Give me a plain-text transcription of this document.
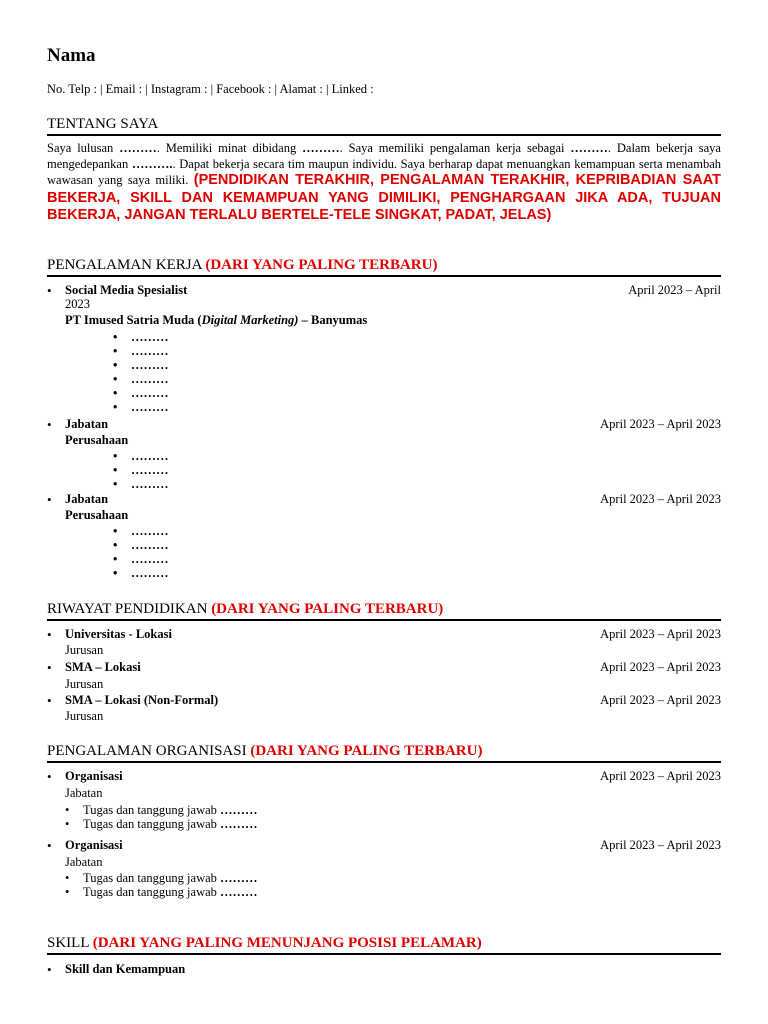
Nama
No. Telp : | Email : | Instagram : | Facebook : | Alamat : | Linked :
TENTANG SAYA
Saya lulusan ………. Memiliki minat dibidang ………. Saya memiliki pengalaman kerja sebagai ………. Dalam bekerja saya mengedepankan ……….. Dapat bekerja secara tim maupun individu. Saya berharap dapat menuangkan kemampuan serta menambah wawasan yang saya miliki. (PENDIDIKAN TERAKHIR, PENGALAMAN TERAKHIR, KEPRIBADIAN SAAT BEKERJA, SKILL DAN KEMAMPUAN YANG DIMILIKI, PENGHARGAAN JIKA ADA, TUJUAN BEKERJA, JANGAN TERLALU BERTELE-TELE SINGKAT, PADAT, JELAS)
PENGALAMAN KERJA (DARI YANG PALING TERBARU)
•
Social Media Spesialist	April 2023 – April
2023
PT Imused Satria Muda (Digital Marketing) – Banyumas
• ………
• ………
• ………
• ………
• ………
• ………
•
Jabatan	April 2023 – April 2023
Perusahaan
• ………
• ………
• ………
•
Jabatan	April 2023 – April 2023
Perusahaan
• ………
• ………
• ………
• ………
RIWAYAT PENDIDIKAN (DARI YANG PALING TERBARU)
•
Universitas - Lokasi	April 2023 – April 2023
Jurusan
•
SMA – Lokasi	April 2023 – April 2023
Jurusan
•
SMA – Lokasi (Non-Formal)	April 2023 – April 2023
Jurusan
PENGALAMAN ORGANISASI (DARI YANG PALING TERBARU)
•
Organisasi	April 2023 – April 2023
Jabatan
• Tugas dan tanggung jawab ………
• Tugas dan tanggung jawab ………
•
Organisasi	April 2023 – April 2023
Jabatan
• Tugas dan tanggung jawab ………
• Tugas dan tanggung jawab ………
SKILL (DARI YANG PALING MENUNJANG POSISI PELAMAR)
•
Skill dan Kemampuan
